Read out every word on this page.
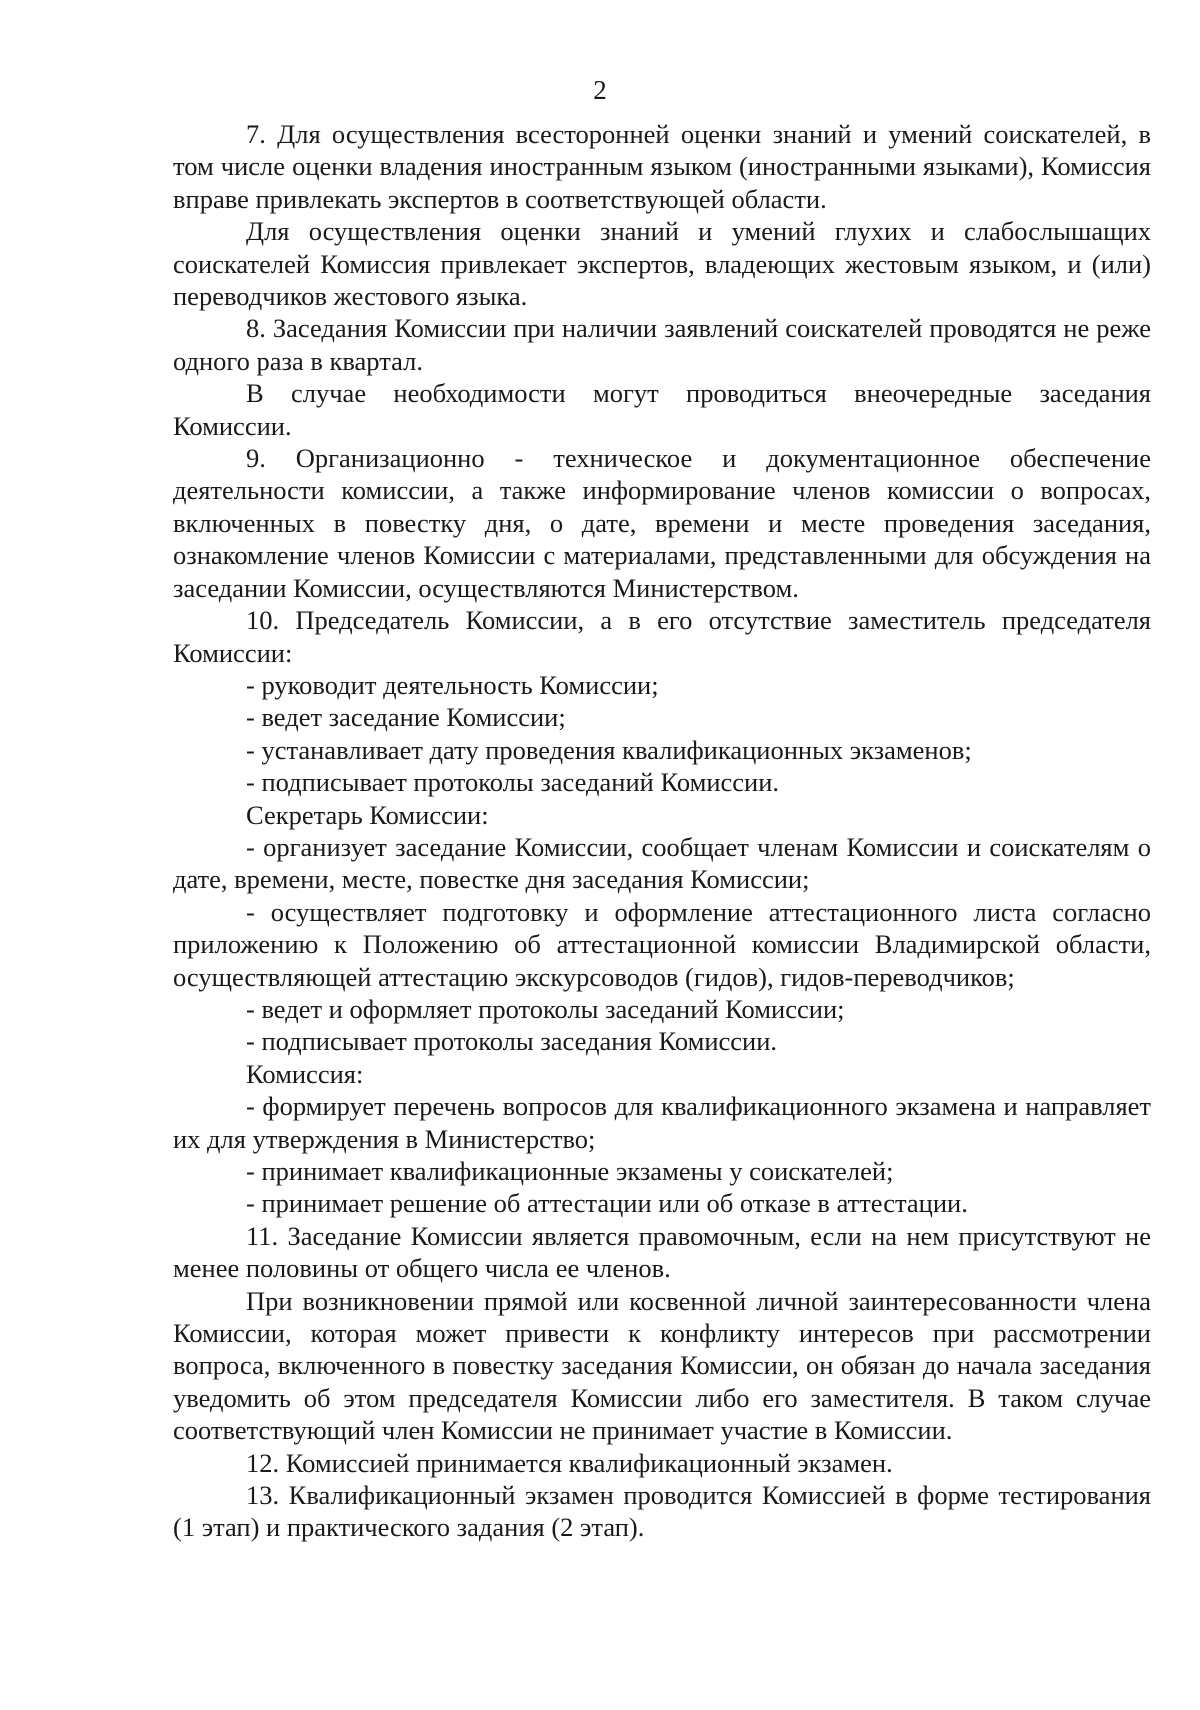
2

7. Для осуществления всесторонней оценки знаний и умений соискателей, в том числе оценки владения иностранным языком (иностранными языками), Комиссия вправе привлекать экспертов в соответствующей области.

Для осуществления оценки знаний и умений глухих и слабослышащих соискателей Комиссия привлекает экспертов, владеющих жестовым языком, и (или) переводчиков жестового языка.

8. Заседания Комиссии при наличии заявлений соискателей проводятся не реже одного раза в квартал.

В случае необходимости могут проводиться внеочередные заседания Комиссии.

9. Организационно - техническое и документационное обеспечение деятельности комиссии, а также информирование членов комиссии о вопросах, включенных в повестку дня, о дате, времени и месте проведения заседания, ознакомление членов Комиссии с материалами, представленными для обсуждения на заседании Комиссии, осуществляются Министерством.

10. Председатель Комиссии, а в его отсутствие заместитель председателя Комиссии:

- руководит деятельность Комиссии;

- ведет заседание Комиссии;

- устанавливает дату проведения квалификационных экзаменов;

- подписывает протоколы заседаний Комиссии.

Секретарь Комиссии:

- организует заседание Комиссии, сообщает членам Комиссии и соискателям о дате, времени, месте, повестке дня заседания Комиссии;

- осуществляет подготовку и оформление аттестационного листа согласно приложению к Положению об аттестационной комиссии Владимирской области, осуществляющей аттестацию экскурсоводов (гидов), гидов-переводчиков;

- ведет и оформляет протоколы заседаний Комиссии;

- подписывает протоколы заседания Комиссии.

Комиссия:

- формирует перечень вопросов для квалификационного экзамена и направляет их для утверждения в Министерство;

- принимает квалификационные экзамены у соискателей;

- принимает решение об аттестации или об отказе в аттестации.

11. Заседание Комиссии является правомочным, если на нем присутствуют не менее половины от общего числа ее членов.

При возникновении прямой или косвенной личной заинтересованности члена Комиссии, которая может привести к конфликту интересов при рассмотрении вопроса, включенного в повестку заседания Комиссии, он обязан до начала заседания уведомить об этом председателя Комиссии либо его заместителя. В таком случае соответствующий член Комиссии не принимает участие в Комиссии.

12. Комиссией принимается квалификационный экзамен.

13. Квалификационный экзамен проводится Комиссией в форме тестирования (1 этап) и практического задания (2 этап).
